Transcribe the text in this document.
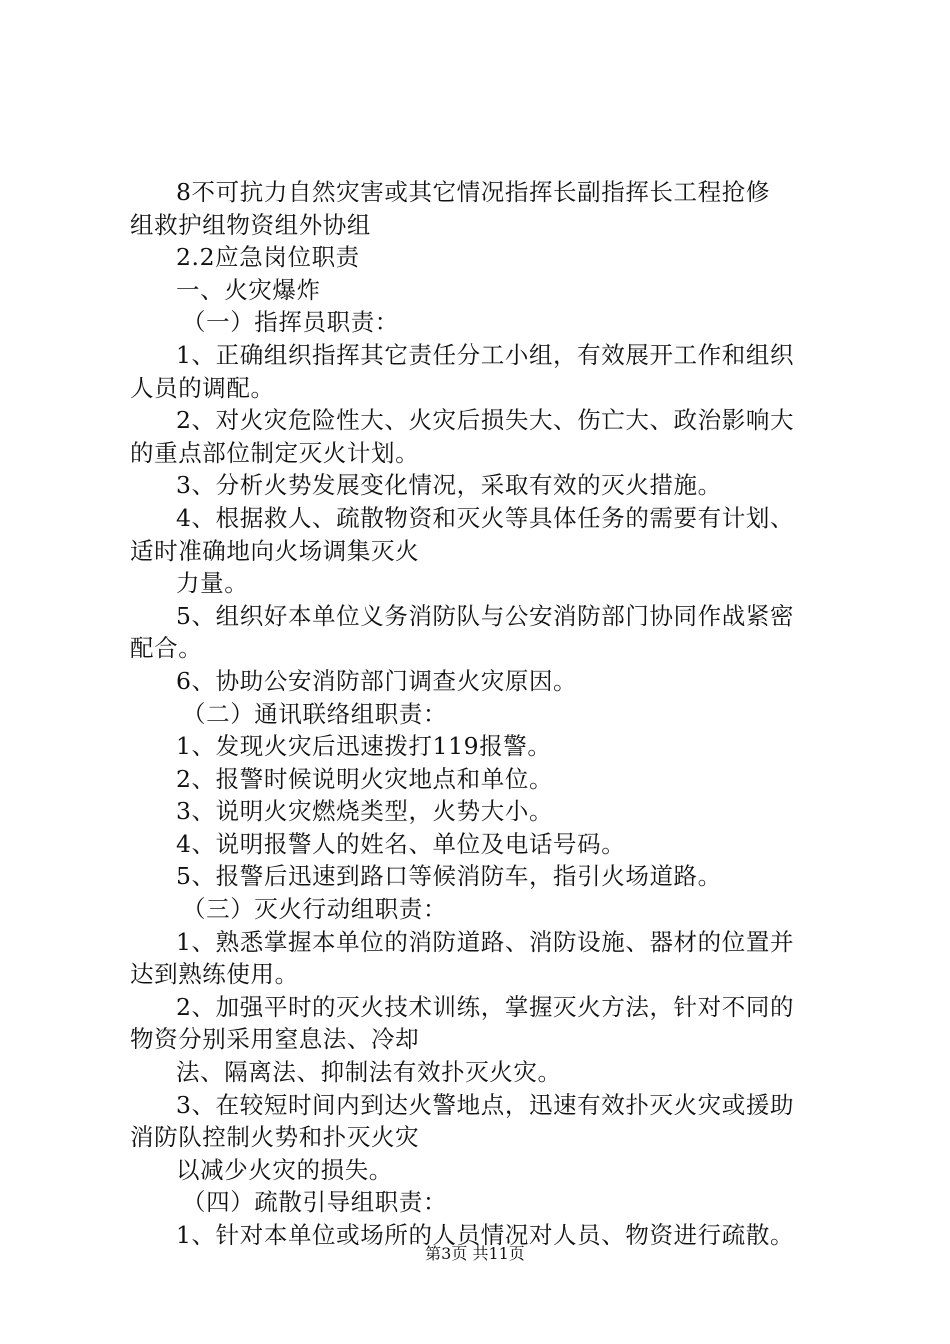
8不可抗力自然灾害或其它情况指挥长副指挥长工程抢修
组救护组物资组外协组
2.2应急岗位职责
一、火灾爆炸
（一）指挥员职责：
1、正确组织指挥其它责任分工小组，有效展开工作和组织
人员的调配。
2、对火灾危险性大、火灾后损失大、伤亡大、政治影响大
的重点部位制定灭火计划。
3、分析火势发展变化情况，采取有效的灭火措施。
4、根据救人、疏散物资和灭火等具体任务的需要有计划、
适时准确地向火场调集灭火
力量。
5、组织好本单位义务消防队与公安消防部门协同作战紧密
配合。
6、协助公安消防部门调查火灾原因。
（二）通讯联络组职责：
1、发现火灾后迅速拨打119报警。
2、报警时候说明火灾地点和单位。
3、说明火灾燃烧类型，火势大小。
4、说明报警人的姓名、单位及电话号码。
5、报警后迅速到路口等候消防车，指引火场道路。
（三）灭火行动组职责：
1、熟悉掌握本单位的消防道路、消防设施、器材的位置并
达到熟练使用。
2、加强平时的灭火技术训练，掌握灭火方法，针对不同的
物资分别采用窒息法、冷却
法、隔离法、抑制法有效扑灭火灾。
3、在较短时间内到达火警地点，迅速有效扑灭火灾或援助
消防队控制火势和扑灭火灾
以减少火灾的损失。
（四）疏散引导组职责：
1、针对本单位或场所的人员情况对人员、物资进行疏散。
第3页 共11页
